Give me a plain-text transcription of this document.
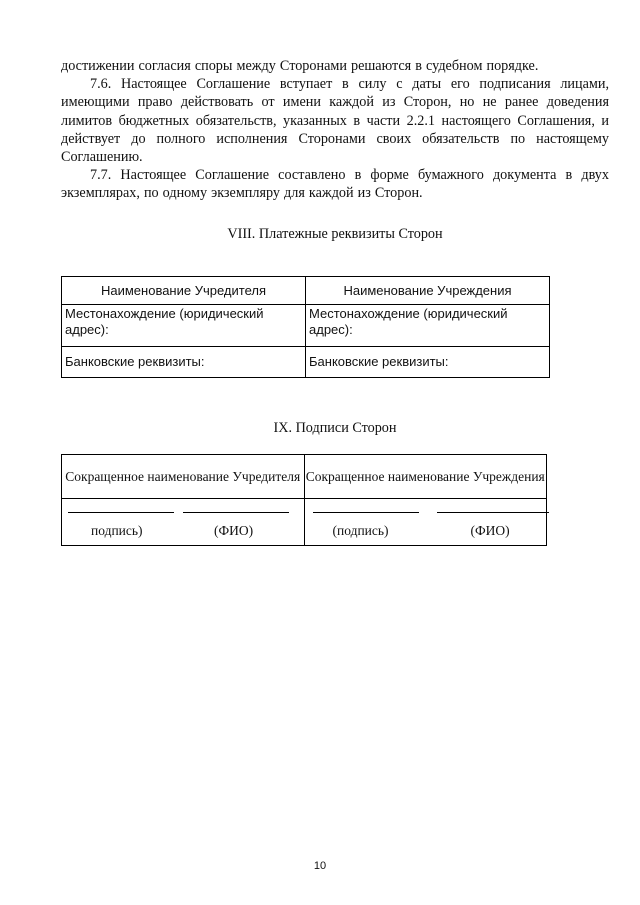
достижении согласия споры между Сторонами решаются в судебном порядке.

7.6. Настоящее Соглашение вступает в силу с даты его подписания лицами, имеющими право действовать от имени каждой из Сторон, но не ранее доведения лимитов бюджетных обязательств, указанных в части 2.2.1 настоящего Соглашения, и действует до полного исполнения Сторонами своих обязательств по настоящему Соглашению.

7.7. Настоящее Соглашение составлено в форме бумажного документа в двух экземплярах, по одному экземпляру для каждой из Сторон.

VIII. Платежные реквизиты Сторон

Наименование Учредителя	Наименование Учреждения
Местонахождение (юридический адрес):	Местонахождение (юридический адрес):
Банковские реквизиты:	Банковские реквизиты:

IX. Подписи Сторон

Сокращенное наименование Учредителя	Сокращенное наименование Учреждения

подпись) (ФИО)	(подпись) (ФИО)
10
